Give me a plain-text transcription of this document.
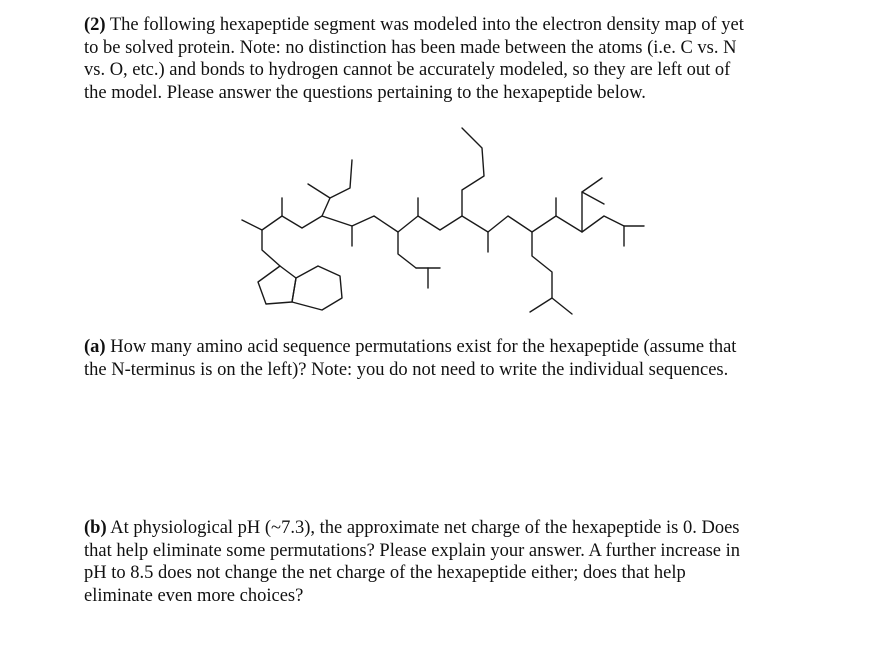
(2) The following hexapeptide segment was modeled into the electron density map of yet
to be solved protein. Note: no distinction has been made between the atoms (i.e. C vs. N
vs. O, etc.) and bonds to hydrogen cannot be accurately modeled, so they are left out of
the model. Please answer the questions pertaining to the hexapeptide below.
(a) How many amino acid sequence permutations exist for the hexapeptide (assume that
the N-terminus is on the left)? Note: you do not need to write the individual sequences.
(b) At physiological pH (~7.3), the approximate net charge of the hexapeptide is 0. Does
that help eliminate some permutations? Please explain your answer. A further increase in
pH to 8.5 does not change the net charge of the hexapeptide either; does that help
eliminate even more choices?
